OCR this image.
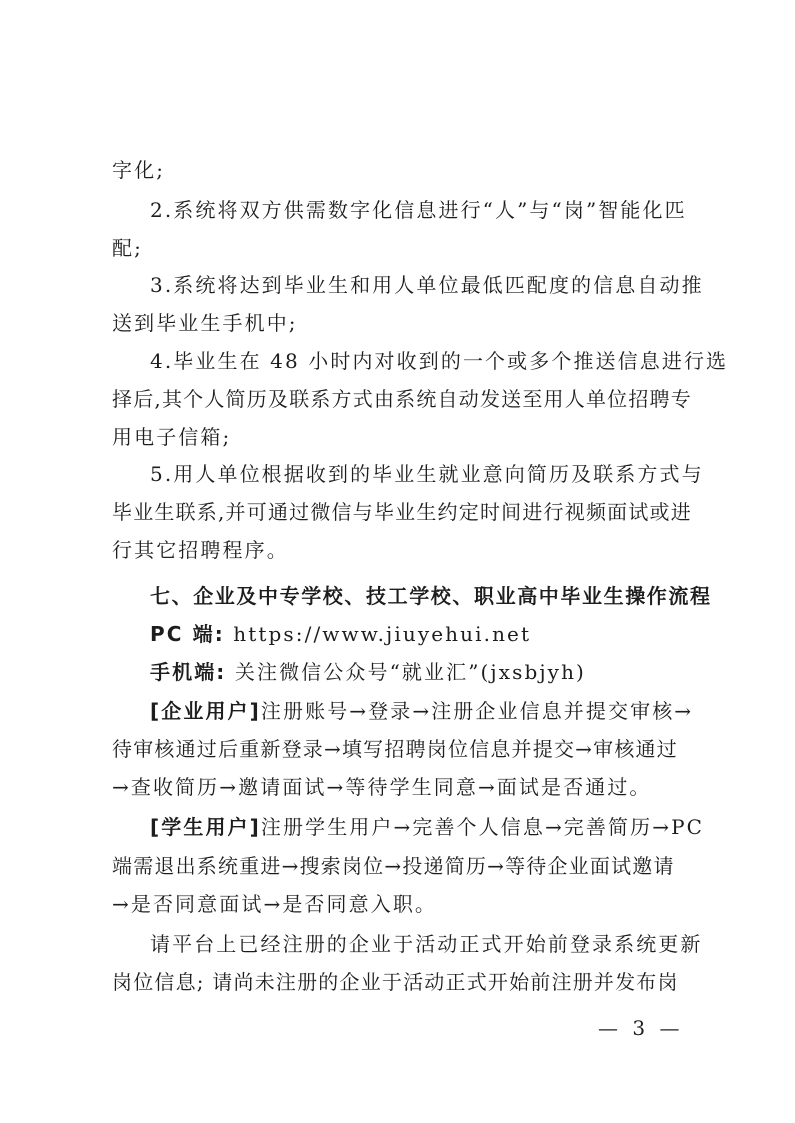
字化;
2.系统将双方供需数字化信息进行“人”与“岗”智能化匹
配;
3.系统将达到毕业生和用人单位最低匹配度的信息自动推
送到毕业生手机中;
4.毕业生在 48 小时内对收到的一个或多个推送信息进行选
择后,其个人简历及联系方式由系统自动发送至用人单位招聘专
用电子信箱;
5.用人单位根据收到的毕业生就业意向简历及联系方式与
毕业生联系,并可通过微信与毕业生约定时间进行视频面试或进
行其它招聘程序。
七、企业及中专学校、技工学校、职业高中毕业生操作流程
PC 端: https://www.jiuyehui.net
手机端: 关注微信公众号“就业汇”(jxsbjyh)
[企业用户]注册账号→登录→注册企业信息并提交审核→
待审核通过后重新登录→填写招聘岗位信息并提交→审核通过
→查收简历→邀请面试→等待学生同意→面试是否通过。
[学生用户]注册学生用户→完善个人信息→完善简历→PC
端需退出系统重进→搜索岗位→投递简历→等待企业面试邀请
→是否同意面试→是否同意入职。
请平台上已经注册的企业于活动正式开始前登录系统更新
岗位信息; 请尚未注册的企业于活动正式开始前注册并发布岗
— 3 —
